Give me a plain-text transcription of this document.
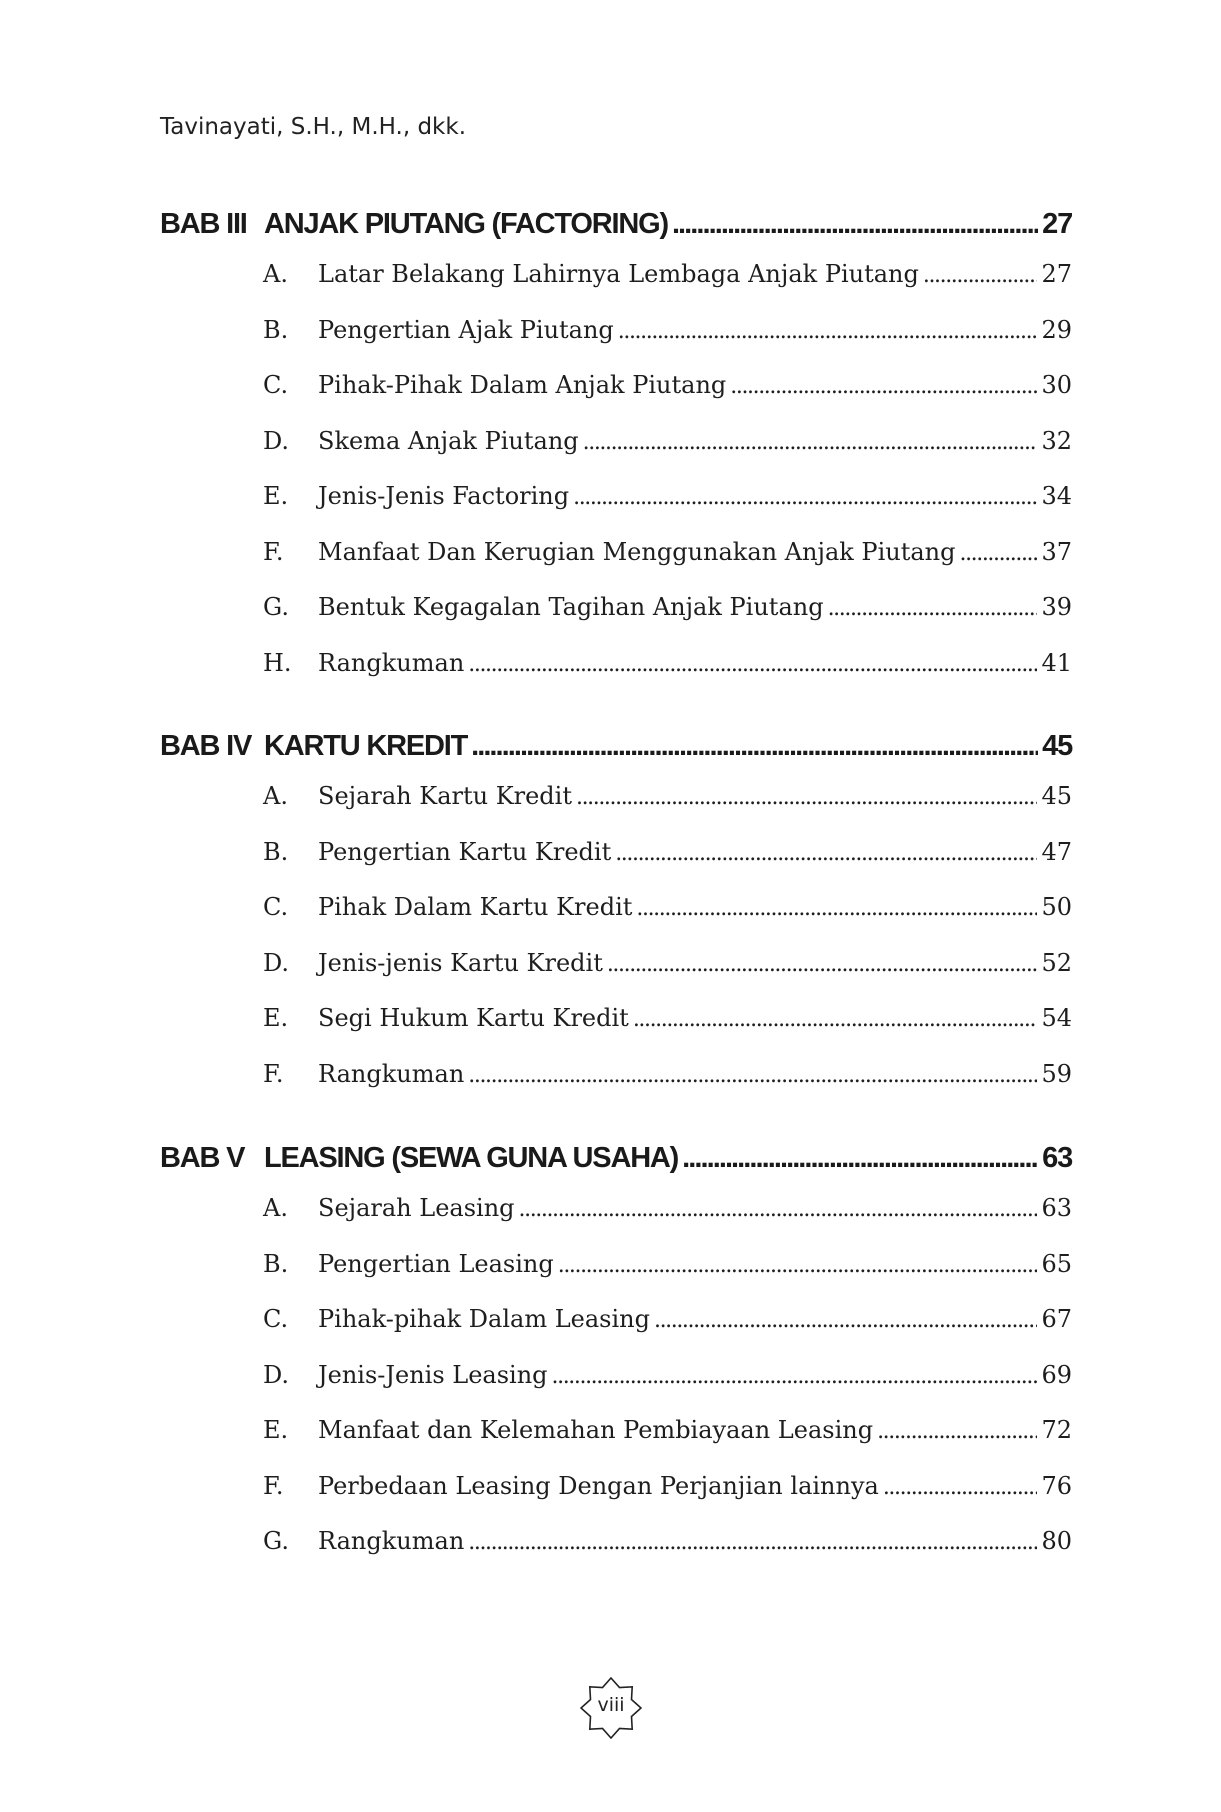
Tavinayati, S.H., M.H., dkk.
BAB III ANJAK PIUTANG (FACTORING) . . .	27
A.	Latar Belakang Lahirnya Lembaga Anjak Piutang . . .	27
B.	Pengertian Ajak Piutang . . .	29
C.	Pihak-Pihak Dalam Anjak Piutang . . .	30
D.	Skema Anjak Piutang . . .	32
E.	Jenis-Jenis Factoring . . .	34
F.	Manfaat Dan Kerugian Menggunakan Anjak Piutang . . .	37
G.	Bentuk Kegagalan Tagihan Anjak Piutang . . .	39
H.	Rangkuman . . .	41
BAB IV KARTU KREDIT . . .	45
A.	Sejarah Kartu Kredit . . .	45
B.	Pengertian Kartu Kredit . . .	47
C.	Pihak Dalam Kartu Kredit . . .	50
D.	Jenis-jenis Kartu Kredit . . .	52
E.	Segi Hukum Kartu Kredit . . .	54
F.	Rangkuman . . .	59
BAB V LEASING (SEWA GUNA USAHA) . . .	63
A.	Sejarah Leasing . . .	63
B.	Pengertian Leasing . . .	65
C.	Pihak-pihak Dalam Leasing . . .	67
D.	Jenis-Jenis Leasing . . .	69
E.	Manfaat dan Kelemahan Pembiayaan Leasing . . .	72
F.	Perbedaan Leasing Dengan Perjanjian lainnya . . .	76
G.	Rangkuman . . .	80
viii
